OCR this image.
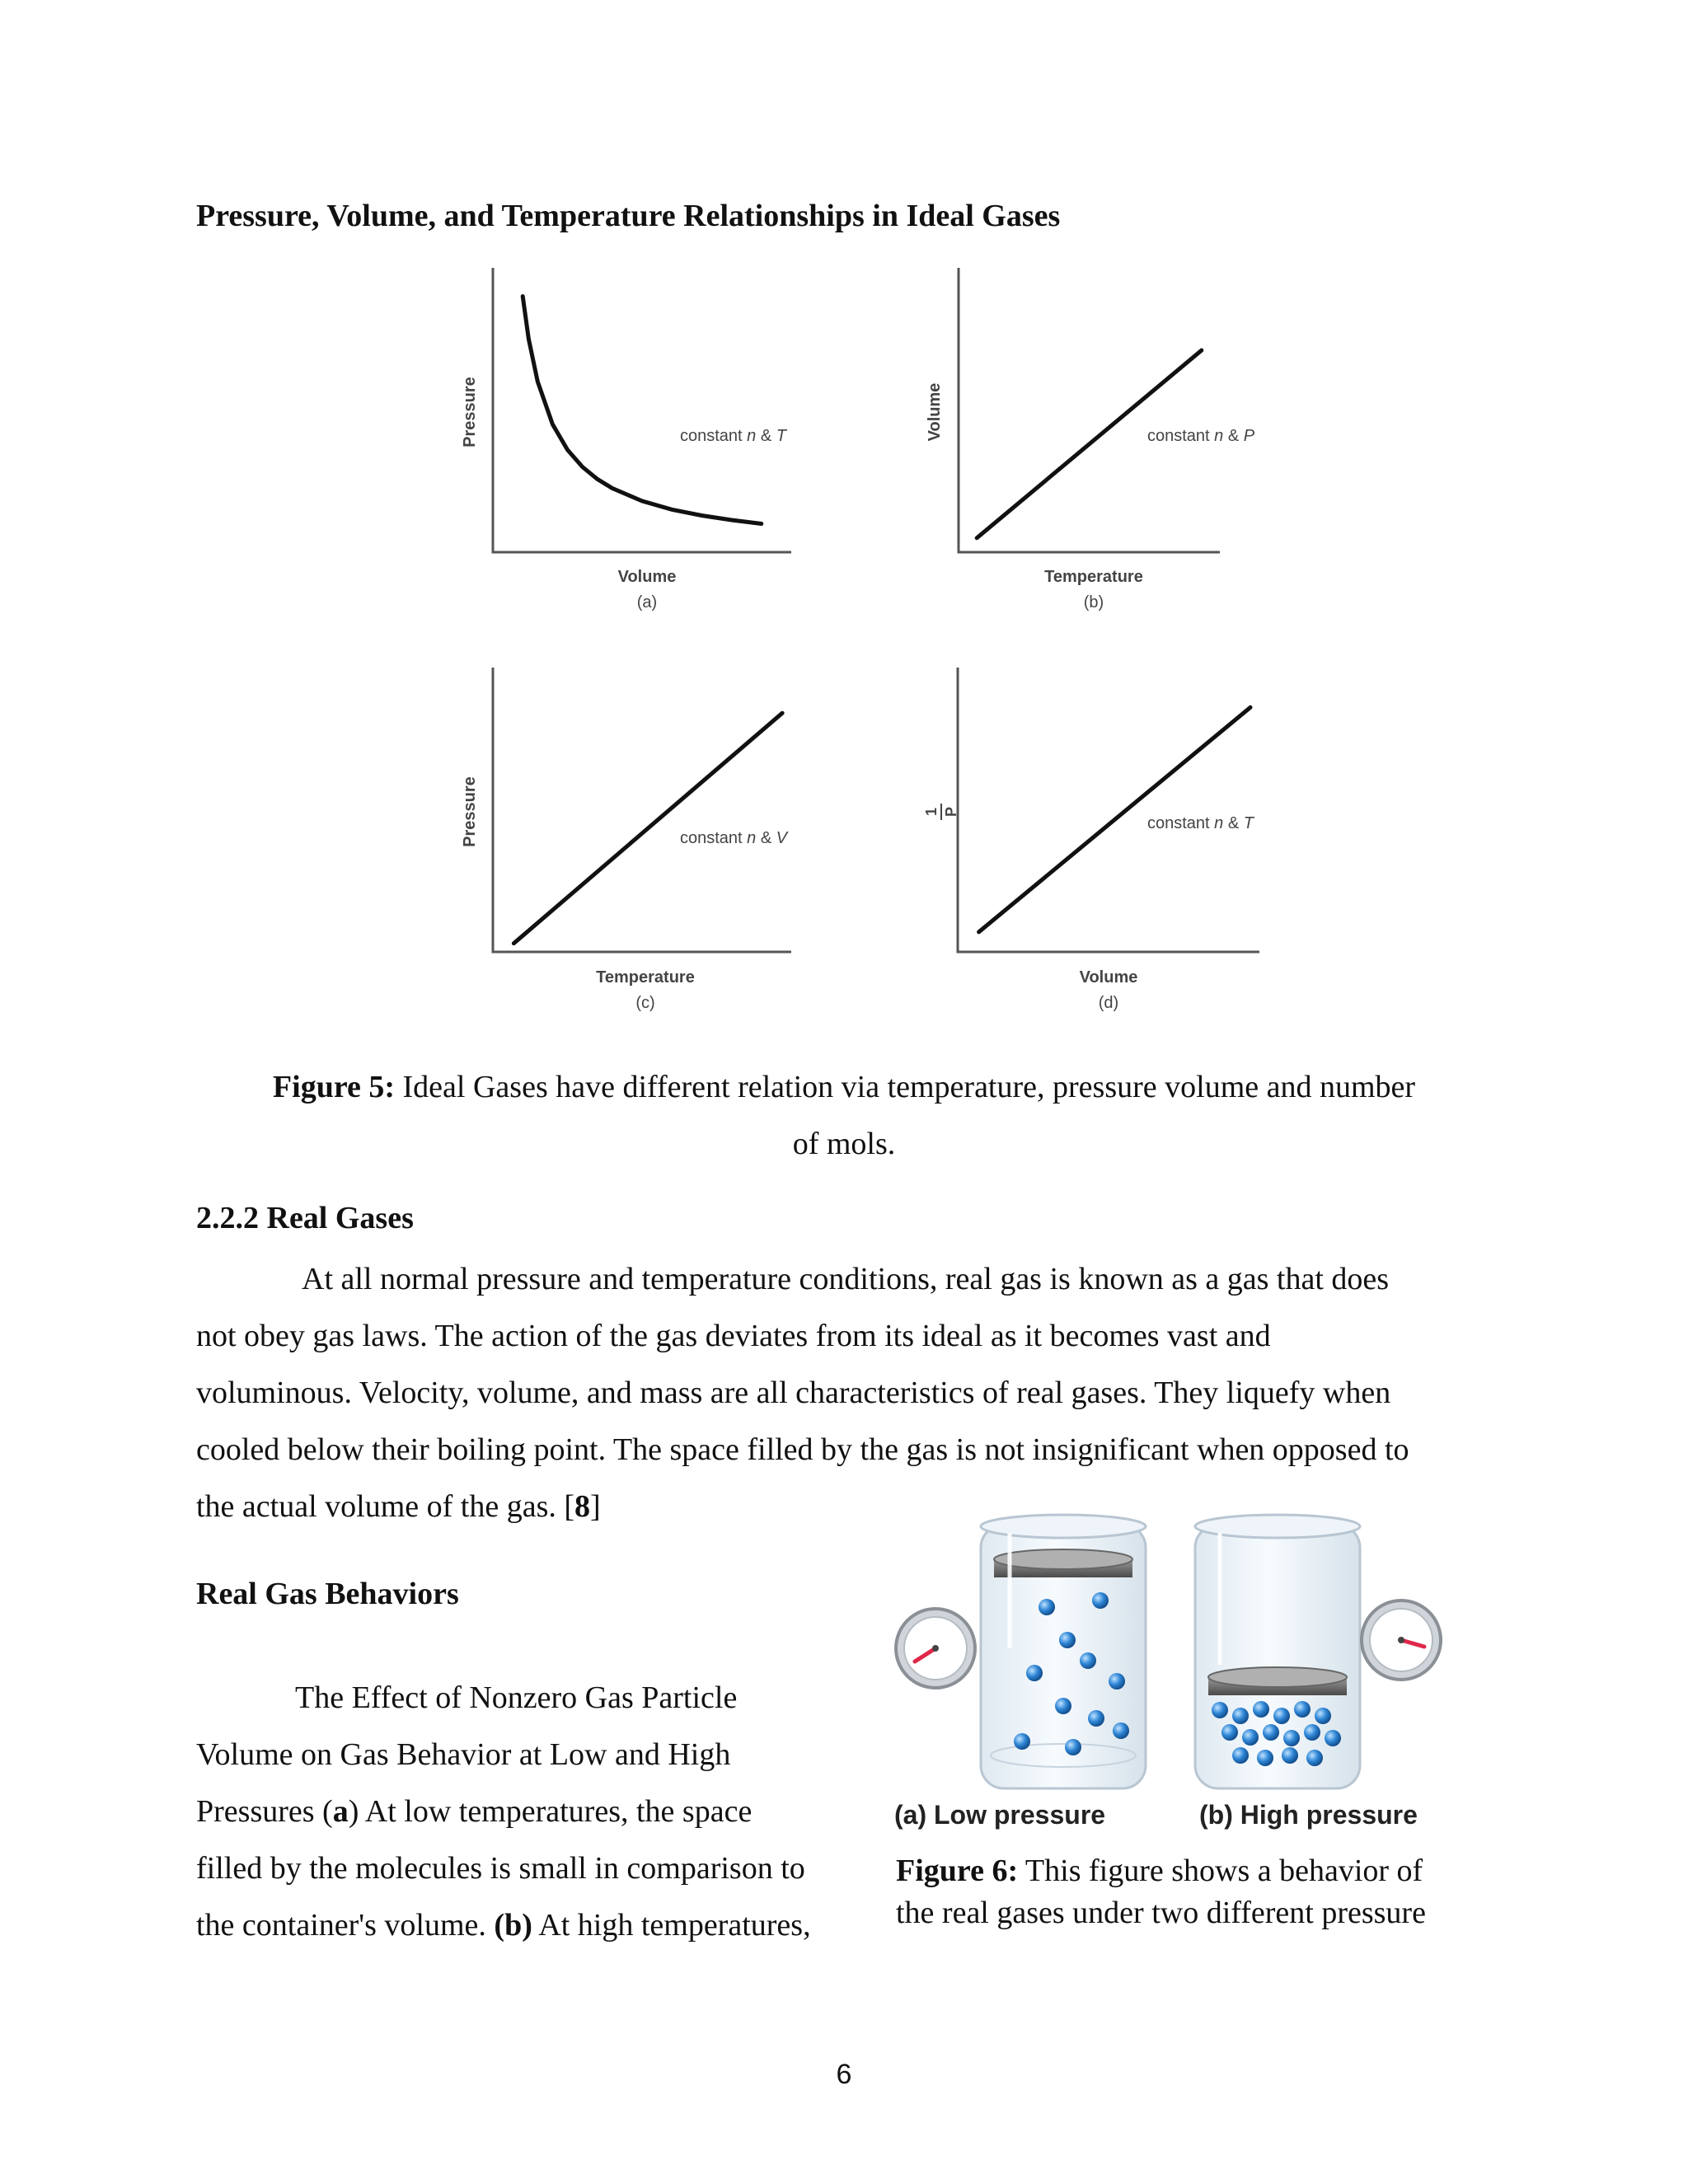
Pressure, Volume, and Temperature Relationships in Ideal Gases
constant n & T
Pressure
Volume
(a)
constant n & P
Volume
Temperature
(b)
constant n & V
Pressure
Temperature
(c)
constant n & T
1 P
Volume
(d)
Figure 5: Ideal Gases have different relation via temperature, pressure volume and number
of mols.
2.2.2 Real Gases
At all normal pressure and temperature conditions, real gas is known as a gas that does
not obey gas laws. The action of the gas deviates from its ideal as it becomes vast and
voluminous. Velocity, volume, and mass are all characteristics of real gases. They liquefy when
cooled below their boiling point. The space filled by the gas is not insignificant when opposed to
the actual volume of the gas. [8]
Real Gas Behaviors
The Effect of Nonzero Gas Particle
Volume on Gas Behavior at Low and High
Pressures (a) At low temperatures, the space
filled by the molecules is small in comparison to
the container's volume. (b) At high temperatures,
(a) Low pressure	(b) High pressure
Figure 6: This figure shows a behavior of
the real gases under two different pressure
6
